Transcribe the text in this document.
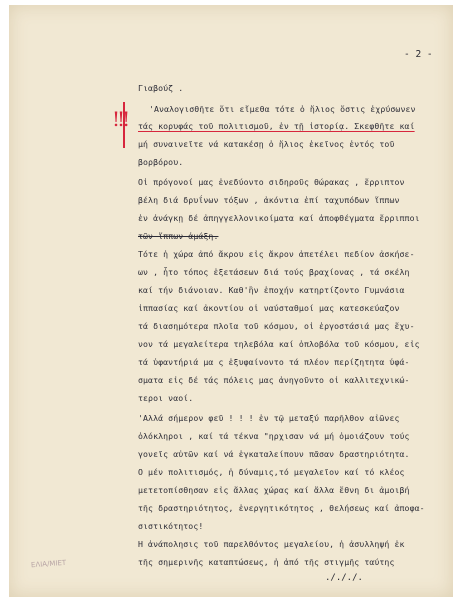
- 2 -
!!!
Γιαβούζ .
'Αναλογισθῆτε ὅτι εἴμεθα τότε ὁ ἥλιος ὅστις ἐχρύσωνεν
τάς κορυφάς τοῦ πολιτισμοῦ, ἐν τῇ ἱστορίᾳ. Σκεφθῆτε καί
μή συναινεῖτε νά κατακέσῃ ὁ ἥλιος ἐκεῖνος ἐντός τοῦ
βορβόρου.
Οἱ πρόγονοί μας ἐνεδύοντο σιδηροῦς θώρακας , ἔρριπτον
βέλη διά δρυΐνων τόξων , ἀκόντια ἐπί ταχυπόδων ἵππων
ἐν ἀνάγκῃ δέ ἀπηγγελλονικοίματα καί ἀποφθέγματα ἔρριπποι
τῶν ἵππων ἁμάξη.
Τότε ἡ χώρα ἀπό ἄκρου εἰς ἄκρον ἀπετέλει πεδίον ἀσκήσε-
ων , ἦτο τόπος ἐξετάσεων διά τούς βραχίονας , τά σκέλη
καί τήν διάνοιαν. Καθ'ἣν ἐποχήν κατηρτίζοντο Γυμνάσια
ἱππασίας καί ἀκοντίου οἱ ναύσταθμοί μας κατεσκεύαζον
τά διασημότερα πλοῖα τοῦ κόσμου, οἱ ἐργοστάσιά μας ἔχυ-
νον τά μεγαλείτερα τηλεβόλα καί ὁπλοβόλα τοῦ κόσμου, εἰς
τά ὑφαντήριά μα ς ἐξυφαίνοντο τά πλέον περίζητητα ὑφά-
σματα εἰς δέ τάς πόλεις μας ἀνηγοῦντο οἱ καλλιτεχνικώ-
τεροι ναοί.
'Αλλά σήμερον φεῦ ! ! ! ἐν τῷ μεταξύ παρῆλθον αἰῶνες
ὁλόκληροι , καί τά τέκνα "ηρχισαν νά μή ὁμοιάζουν τούς
γονεῖς αὐτῶν καί νά ἐγκαταλείπουν πᾶσαν δραστηριότητα.
Ο μέν πολιτισμός, ἡ δύναμις,τό μεγαλεῖον καί τό κλέος
μετετοπίσθησαν εἰς ἄλλας χώρας καί ἄλλα ἔθνη δι ἀμοιβή
τῆς δραστηριότητος, ἐνεργητικότητος , θελήσεως καί ἀποφα-
σιστικότητος!
Η ἀνάπολησις τοῦ παρελθόντος μεγαλείου, ἡ ἀσυλληψή ἐκ
τῆς σημερινῆς καταπτώσεως, ἡ ἀπό τῆς στιγμῆς ταύτης
ΕΛΙΑ/ΜΙΕΤ
./././.
